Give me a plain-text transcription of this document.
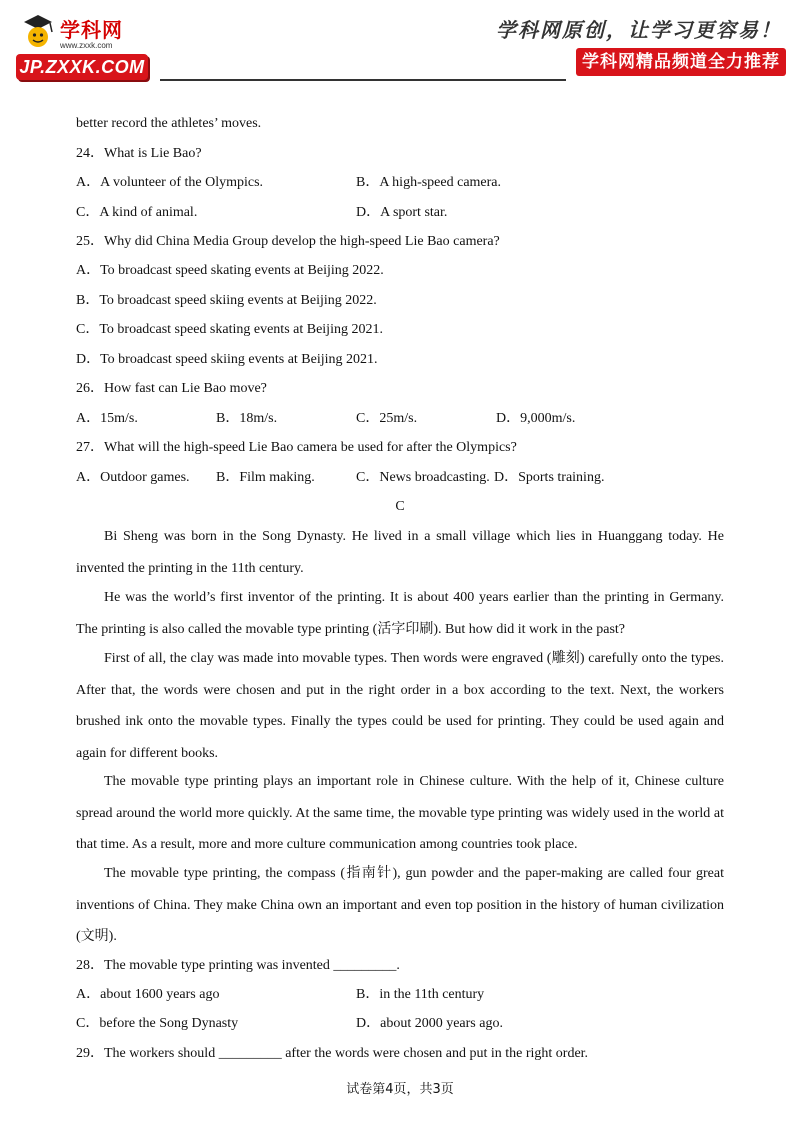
学科网
www.zxxk.com
JP.ZXXK.COM
学科网原创，让学习更容易！
学科网精品频道全力推荐
better record the athletes’ moves.
24．What is Lie Bao?
A．A volunteer of the Olympics.	B．A high-speed camera.
C．A kind of animal.	D．A sport star.
25．Why did China Media Group develop the high-speed Lie Bao camera?
A．To broadcast speed skating events at Beijing 2022.
B．To broadcast speed skiing events at Beijing 2022.
C．To broadcast speed skating events at Beijing 2021.
D．To broadcast speed skiing events at Beijing 2021.
26．How fast can Lie Bao move?
A．15m/s.	B．18m/s.	C．25m/s.	D．9,000m/s.
27．What will the high-speed Lie Bao camera be used for after the Olympics?
A．Outdoor games. B．Film making.	C．News broadcasting. D．Sports training.
C
Bi Sheng was born in the Song Dynasty. He lived in a small village which lies in Huanggang today. He invented the printing in the 11th century.
He was the world’s first inventor of the printing. It is about 400 years earlier than the printing in Germany. The printing is also called the movable type printing (活字印刷). But how did it work in the past?
First of all, the clay was made into movable types. Then words were engraved (雕刻) carefully onto the types. After that, the words were chosen and put in the right order in a box according to the text. Next, the workers brushed ink onto the movable types. Finally the types could be used for printing. They could be used again and again for different books.
The movable type printing plays an important role in Chinese culture. With the help of it, Chinese culture spread around the world more quickly. At the same time, the movable type printing was widely used in the world at that time. As a result, more and more culture communication among countries took place.
The movable type printing, the compass (指南针), gun powder and the paper-making are called four great inventions of China. They make China own an important and even top position in the history of human civilization (文明).
28．The movable type printing was invented _________.
A．about 1600 years ago	B．in the 11th century
C．before the Song Dynasty	D．about 2000 years ago.
29．The workers should _________ after the words were chosen and put in the right order.
试卷第4页，共3页
